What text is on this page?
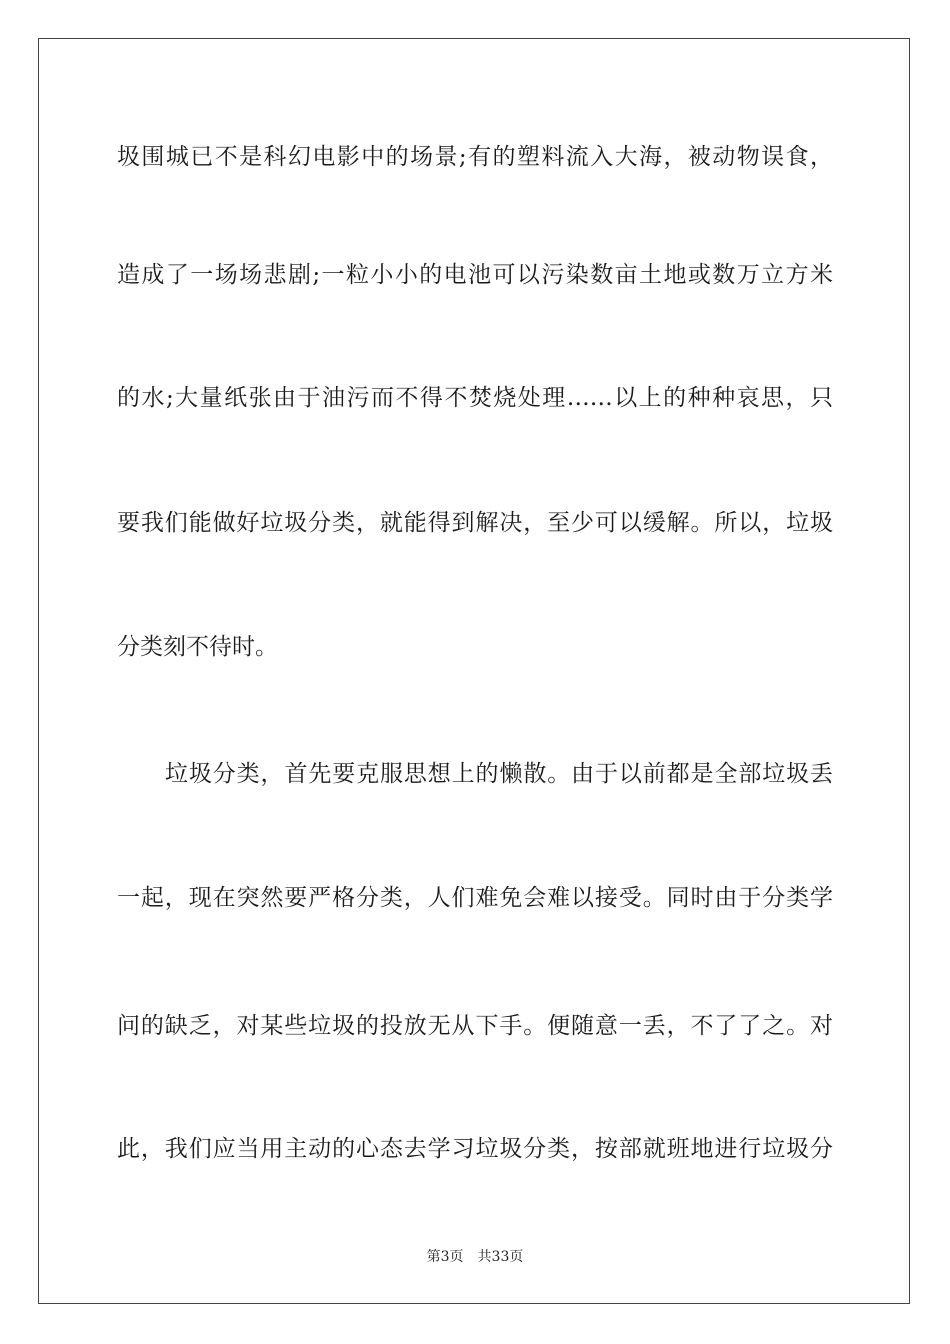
圾围城已不是科幻电影中的场景;有的塑料流入大海，被动物误食，
造成了一场场悲剧;一粒小小的电池可以污染数亩土地或数万立方米
的水;大量纸张由于油污而不得不焚烧处理……以上的种种哀思，只
要我们能做好垃圾分类，就能得到解决，至少可以缓解。所以，垃圾
分类刻不待时。
垃圾分类，首先要克服思想上的懒散。由于以前都是全部垃圾丢
一起，现在突然要严格分类，人们难免会难以接受。同时由于分类学
问的缺乏，对某些垃圾的投放无从下手。便随意一丢，不了了之。对
此，我们应当用主动的心态去学习垃圾分类，按部就班地进行垃圾分
第3页 共33页
